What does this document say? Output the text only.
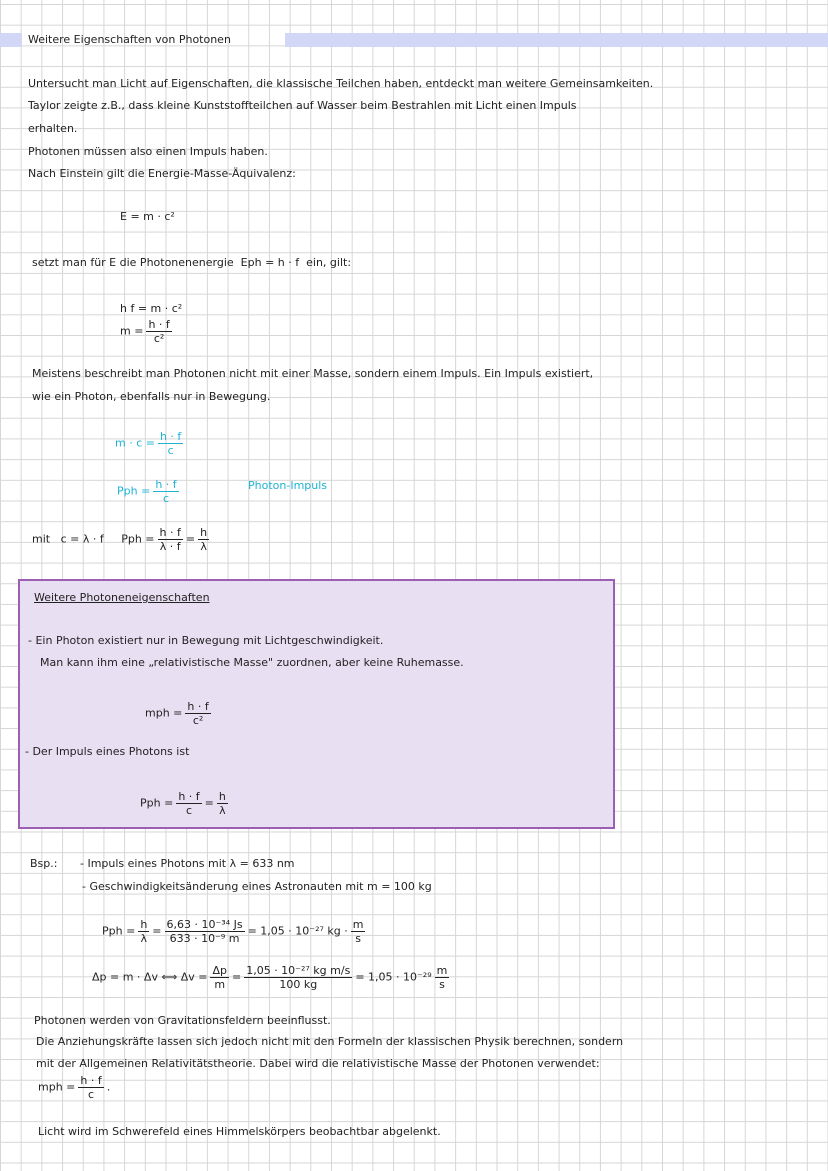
Weitere Eigenschaften von Photonen
Untersucht man Licht auf Eigenschaften, die klassische Teilchen haben, entdeckt man weitere Gemeinsamkeiten.
Taylor zeigte z.B., dass kleine Kunststoffteilchen auf Wasser beim Bestrahlen mit Licht einen Impuls
erhalten.
Photonen müssen also einen Impuls haben.
Nach Einstein gilt die Energie-Masse-Äquivalenz:
E = m · c²
setzt man für E die Photonenenergie Eph = h · f ein, gilt:
h f = m · c²
$m = \frac{h \cdot f}{\text{c²}}$
Meistens beschreibt man Photonen nicht mit einer Masse, sondern einem Impuls. Ein Impuls existiert,
wie ein Photon, ebenfalls nur in Bewegung.
$m \cdot c = \frac{h \cdot f}{c}$
Pph = $\frac{h \cdot f}{c}$	Photon-Impuls
mit c = λ · f Pph = $\frac{h \cdot f}{\lambda \cdot f} = \frac{h}{\lambda}$
Weitere Photoneneigenschaften
- Ein Photon existiert nur in Bewegung mit Lichtgeschwindigkeit.
Man kann ihm eine „relativistische Masse" zuordnen, aber keine Ruhemasse.
mph = $\frac{h \cdot f}{\text{c²}}$
- Der Impuls eines Photons ist
Pph = $\frac{h \cdot f}{c} = \frac{h}{\lambda}$
Bsp.: - Impuls eines Photons mit λ = 633 nm
- Geschwindigkeitsänderung eines Astronauten mit m = 100 kg
Pph = $\frac{h}{\lambda} = \frac{\text{6,63 · 10⁻³⁴ Js}}{\text{633 · 10⁻⁹ m}} = 1,05 \cdot 10^{-27}$ kg · $\frac{m}{s}$
Δp = m · Δv ⟺ $\Delta v = \frac{\Delta p}{m} = \frac{\text{1,05 · 10⁻²⁷ kg m/s}}{100 kg} = 1,05 \cdot 10^{-29} \frac{m}{s}$
Photonen werden von Gravitationsfeldern beeinflusst.
Die Anziehungskräfte lassen sich jedoch nicht mit den Formeln der klassischen Physik berechnen, sondern
mit der Allgemeinen Relativitätstheorie. Dabei wird die relativistische Masse der Photonen verwendet:
mph = $\frac{h \cdot f}{c}$ .
Licht wird im Schwerefeld eines Himmelskörpers beobachtbar abgelenkt.
